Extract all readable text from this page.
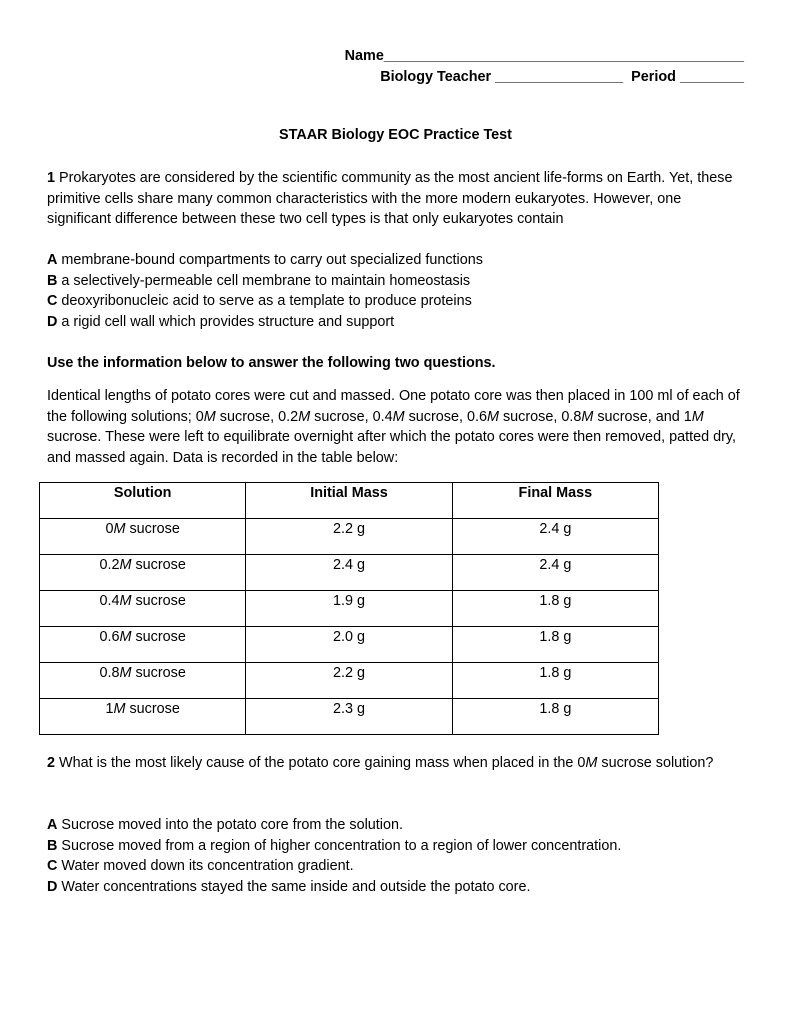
Name_____________________________________________
Biology Teacher ________________  Period ________
STAAR Biology EOC Practice Test

1 Prokaryotes are considered by the scientific community as the most ancient life-forms on Earth. Yet, these primitive cells share many common characteristics with the more modern eukaryotes. However, one significant difference between these two cell types is that only eukaryotes contain

A membrane-bound compartments to carry out specialized functions

B a selectively-permeable cell membrane to maintain homeostasis

C deoxyribonucleic acid to serve as a template to produce proteins

D a rigid cell wall which provides structure and support

Use the information below to answer the following two questions.
Identical lengths of potato cores were cut and massed. One potato core was then placed in 100 ml of each of the following solutions; 0M sucrose, 0.2M sucrose, 0.4M sucrose, 0.6M sucrose, 0.8M sucrose, and 1M sucrose. These were left to equilibrate overnight after which the potato cores were then removed, patted dry, and massed again. Data is recorded in the table below:
Solution	Initial Mass	Final Mass
0M sucrose	2.2 g	2.4 g
0.2M sucrose	2.4 g	2.4 g
0.4M sucrose	1.9 g	1.8 g
0.6M sucrose	2.0 g	1.8 g
0.8M sucrose	2.2 g	1.8 g
1M sucrose	2.3 g	1.8 g

2 What is the most likely cause of the potato core gaining mass when placed in the 0M sucrose solution?

A Sucrose moved into the potato core from the solution.

B Sucrose moved from a region of higher concentration to a region of lower concentration.

C Water moved down its concentration gradient.

D Water concentrations stayed the same inside and outside the potato core.
